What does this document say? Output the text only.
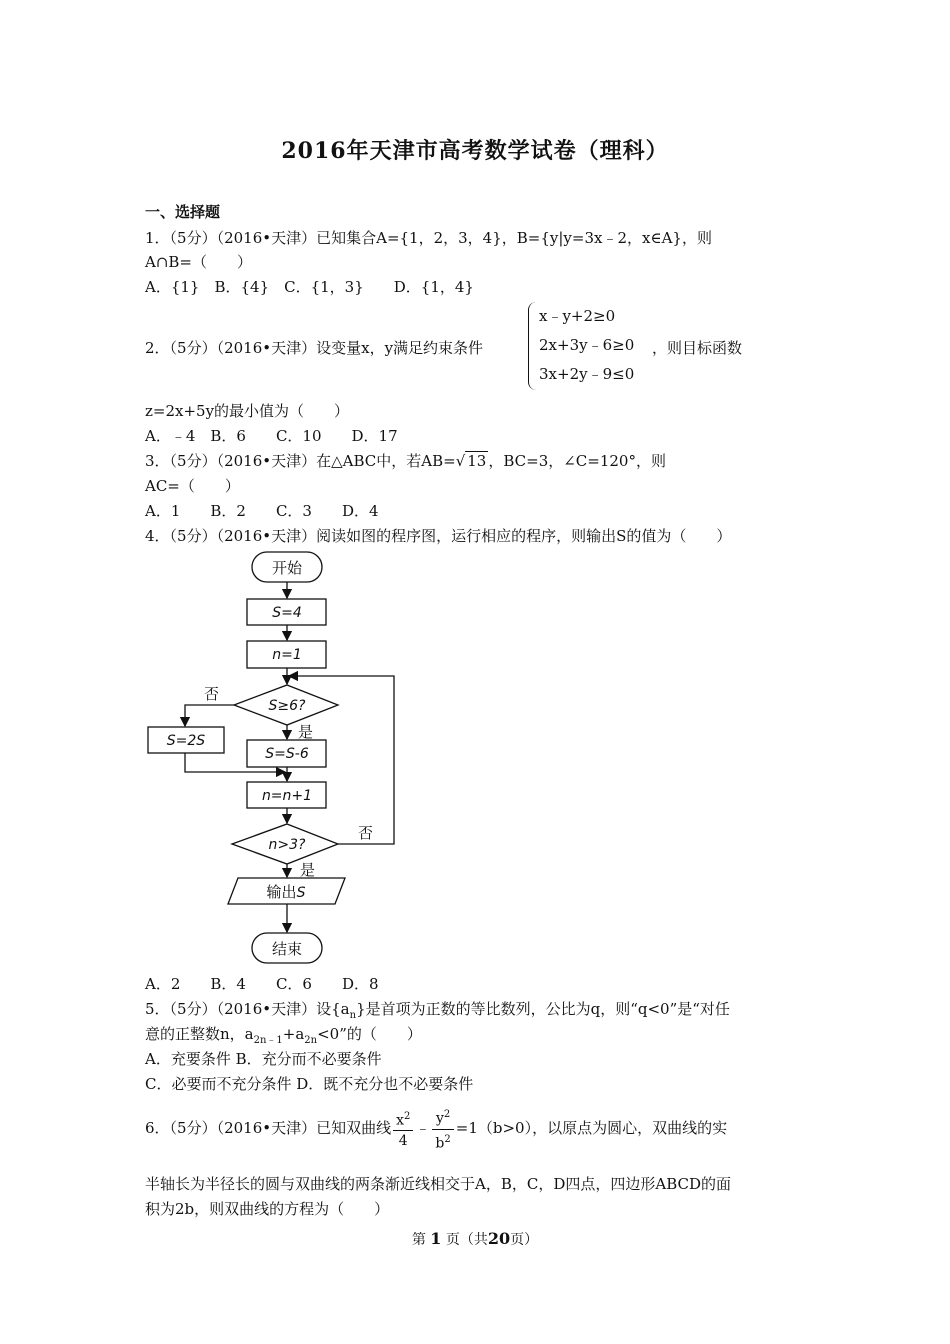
2016年天津市高考数学试卷（理科）
一、选择题
1．（5分）（2016•天津）已知集合A={1，2，3，4}，B={y|y=3x﹣2，x∈A}，则
A∩B=（　　）
A．{1}　B．{4}　C．{1，3}　　D．{1，4}
2．（5分）（2016•天津）设变量x，y满足约束条件
x﹣y+2≥0
2x+3y﹣6≥0
3x+2y﹣9≤0
，则目标函数
z=2x+5y的最小值为（　　）
A．﹣4　B．6　　C．10　　D．17
3．（5分）（2016•天津）在△ABC中，若AB=√ 13 ，BC=3，∠C=120°，则
AC=（　　）
A．1　　B．2　　C．3　　D．4
4．（5分）（2016•天津）阅读如图的程序图，运行相应的程序，则输出S的值为（　　）
开始
S=4
n=1
S≥6?
否
是
S=2S
S=S-6
n=n+1
n>3?
否
是
输出S
结束
A．2　　B．4　　C．6　　D．8
5．（5分）（2016•天津）设$\{a_n\}$是首项为正数的等比数列，公比为q，则“q<0”是“对任
意的正整数n，$a_{2n﹣1}+a_{2n}<0$”的（　　）
A．充要条件 B．充分而不必要条件
C．必要而不充分条件 D．既不充分也不必要条件
6．（5分）（2016•天津）已知双曲线 $\frac{x^2}{4}$ ﹣ $\frac{y^2}{b^2} =1(b>0)$，以原点为圆心，双曲线的实
半轴长为半径长的圆与双曲线的两条渐近线相交于A，B，C，D四点，四边形ABCD的面
积为2b，则双曲线的方程为（　　）
第 1 页（共20页）
